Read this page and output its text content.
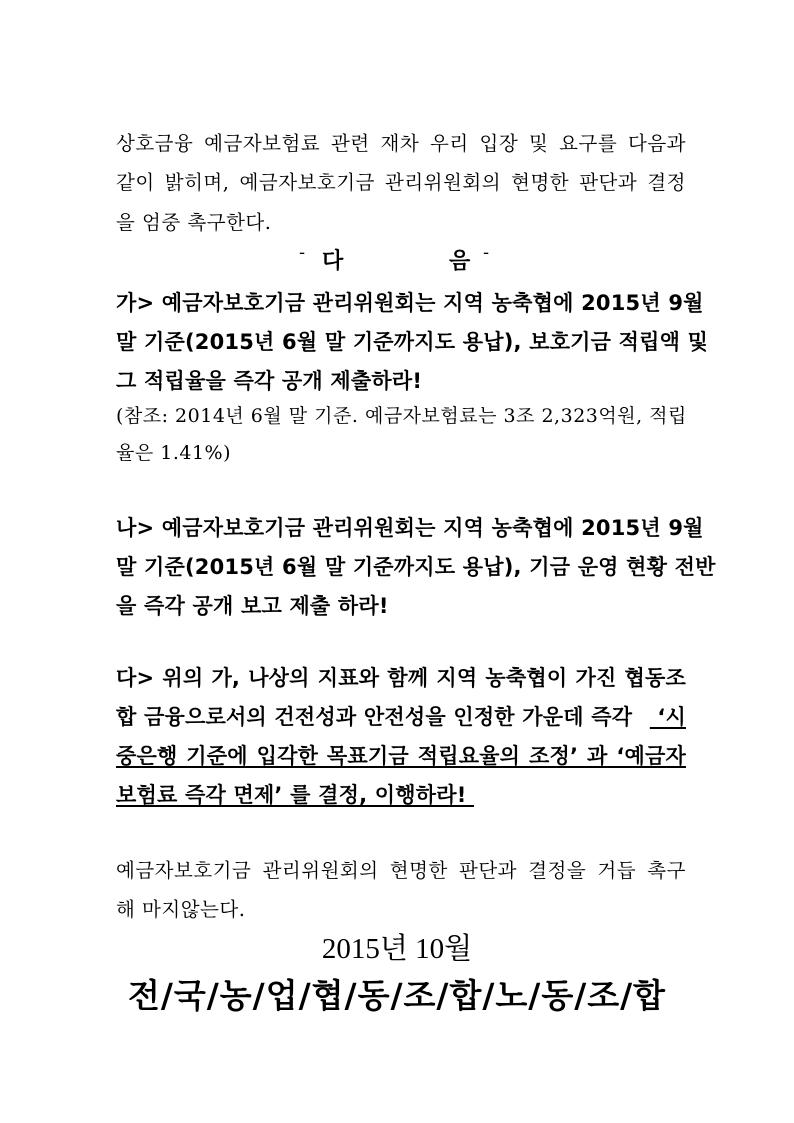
상호금융 예금자보험료 관련 재차 우리 입장 및 요구를 다음과
같이 밝히며, 예금자보호기금 관리위원회의 현명한 판단과 결정
을 엄중 촉구한다.
- 다	음 -
가> 예금자보호기금 관리위원회는 지역 농축협에 2015년 9월
말 기준(2015년 6월 말 기준까지도 용납), 보호기금 적립액 및
그 적립율을 즉각 공개 제출하라!
(참조: 2014년 6월 말 기준. 예금자보험료는 3조 2,323억원, 적립
율은 1.41%)
나> 예금자보호기금 관리위원회는 지역 농축협에 2015년 9월
말 기준(2015년 6월 말 기준까지도 용납), 기금 운영 현황 전반
을 즉각 공개 보고 제출 하라!
다> 위의 가, 나상의 지표와 함께 지역 농축협이 가진 협동조
합 금융으로서의 건전성과 안전성을 인정한 가운데 즉각 ‘시
중은행 기준에 입각한 목표기금 적립요율의 조정’ 과 ‘예금자
보험료 즉각 면제’ 를 결정, 이행하라!
예금자보호기금 관리위원회의 현명한 판단과 결정을 거듭 촉구
해 마지않는다.
2015년 10월
전/국/농/업/협/동/조/합/노/동/조/합
